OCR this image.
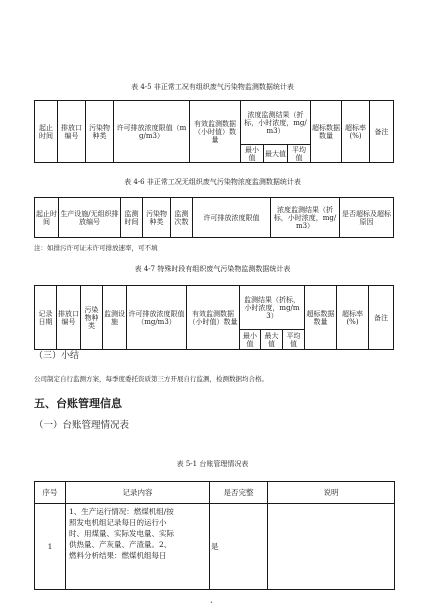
表 4-5 非正常工况有组织废气污染物监测数据统计表
起止时间	排放口编号	污染物种类	许可排放浓度限值（mg/m3）	有效监测数据（小时值）数量	浓度监测结果（折标，小时浓度，mg/m3）			超标数据数量	超标率(%)	备注
					最小值	最大值	平均值			
表 4-6 非正常工况无组织废气污染物浓度监测数据统计表
起止时间	生产设施/无组织排放编号	监测时间	污染物种类	监测次数	许可排放浓度限值	浓度监测结果（折标，小时浓度，mg/m3）	是否超标及超标原因
注：如排污许可证未许可排放速率，可不填
表 4-7 特殊时段有组织废气污染物监测数据统计表
记录日期	排放口编号	污染物种类	监测设施	许可排放浓度限值（mg/m3）	有效监测数据（小时值）数量	监测结果（折标，小时浓度，mg/m3）			超标数据数量	超标率(%)	备注
						最小值	最大值	平均值			
（三）小结
公司制定自行监测方案，每季度委托资质第三方开展自行监测，检测数据均合格。
五、台账管理信息
（一）台账管理情况表
表 5-1 台账管理情况表
序号	记录内容	是否完整	说明
1	1、生产运行情况：燃煤机组/按
照发电机组记录每日的运行小
时、用煤量、实际发电量、实际
供热量、产灰量、产渣量。2、
燃料分析结果：燃煤机组每日	是	
•
